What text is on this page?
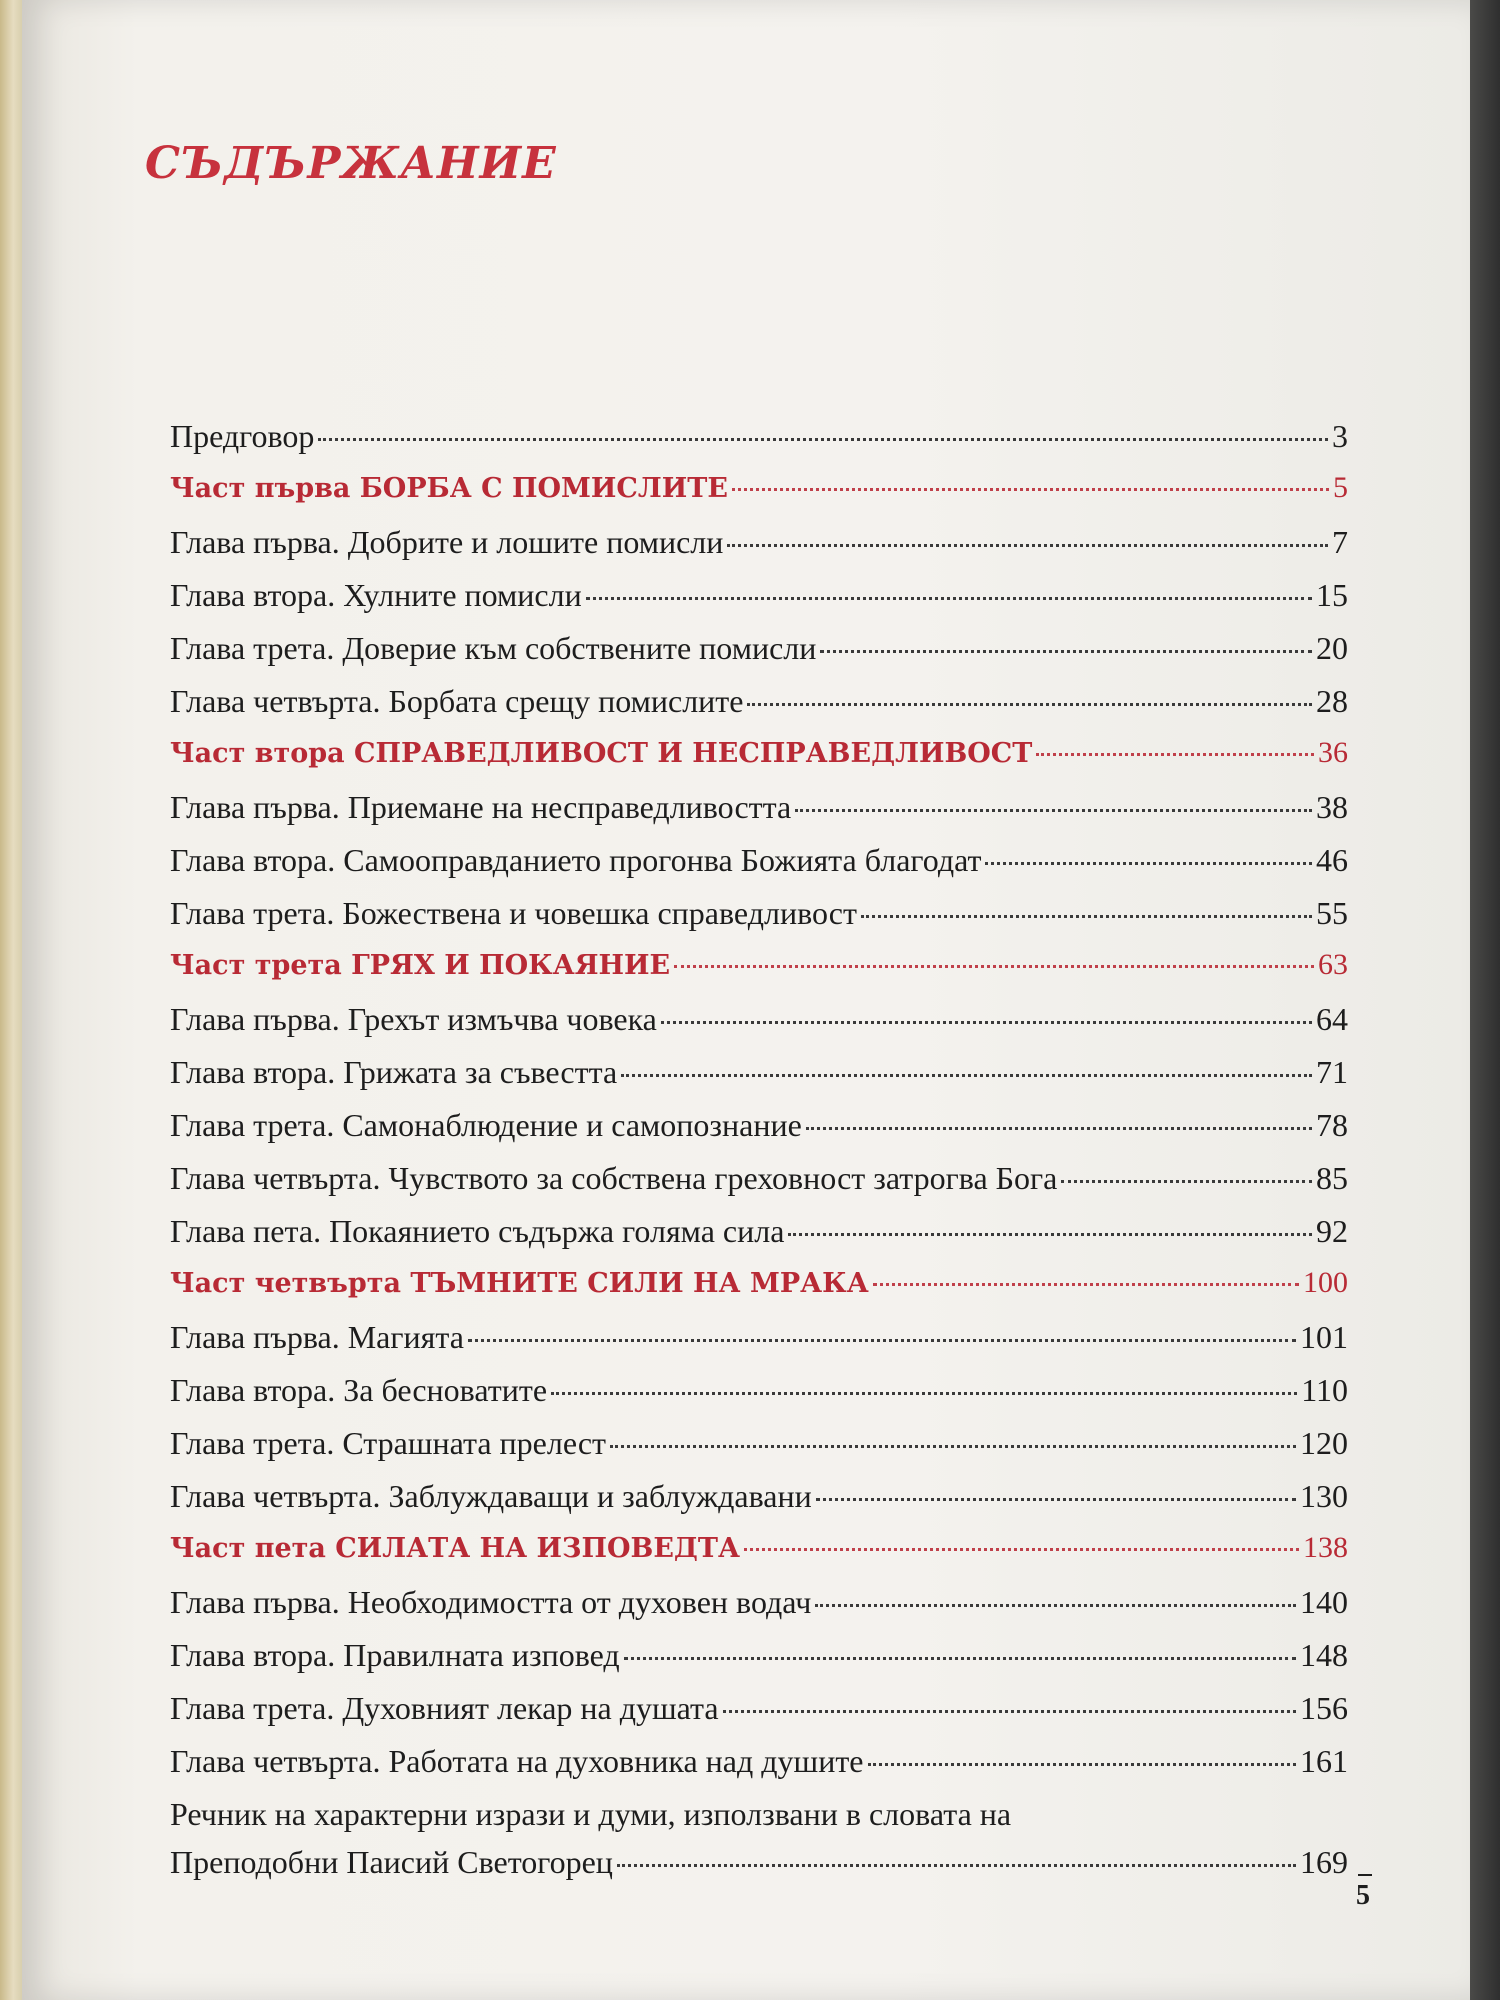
СЪДЪРЖАНИЕ
Предговор	3
Част първа БОРБА С ПОМИСЛИТЕ	5
Глава първа. Добрите и лошите помисли	7
Глава втора. Хулните помисли	15
Глава трета. Доверие към собствените помисли	20
Глава четвърта. Борбата срещу помислите	28
Част втора СПРАВЕДЛИВОСТ И НЕСПРАВЕДЛИВОСТ	36
Глава първа. Приемане на несправедливостта	38
Глава втора. Самооправданието прогонва Божията благодат	46
Глава трета. Божествена и човешка справедливост	55
Част трета ГРЯХ И ПОКАЯНИЕ	63
Глава първа. Грехът измъчва човека	64
Глава втора. Грижата за съвестта	71
Глава трета. Самонаблюдение и самопознание	78
Глава четвърта. Чувството за собствена греховност затрогва Бога	85
Глава пета. Покаянието съдържа голяма сила	92
Част четвърта ТЪМНИТЕ СИЛИ НА МРАКА	100
Глава първа. Магията	101
Глава втора. За бесноватите	110
Глава трета. Страшната прелест	120
Глава четвърта. Заблуждаващи и заблуждавани	130
Част пета СИЛАТА НА ИЗПОВЕДТА	138
Глава първа. Необходимостта от духовен водач	140
Глава втора. Правилната изповед	148
Глава трета. Духовният лекар на душата	156
Глава четвърта. Работата на духовника над душите	161
Речник на характерни изрази и думи, използвани в словата на
Преподобни Паисий Светогорец	169
5
